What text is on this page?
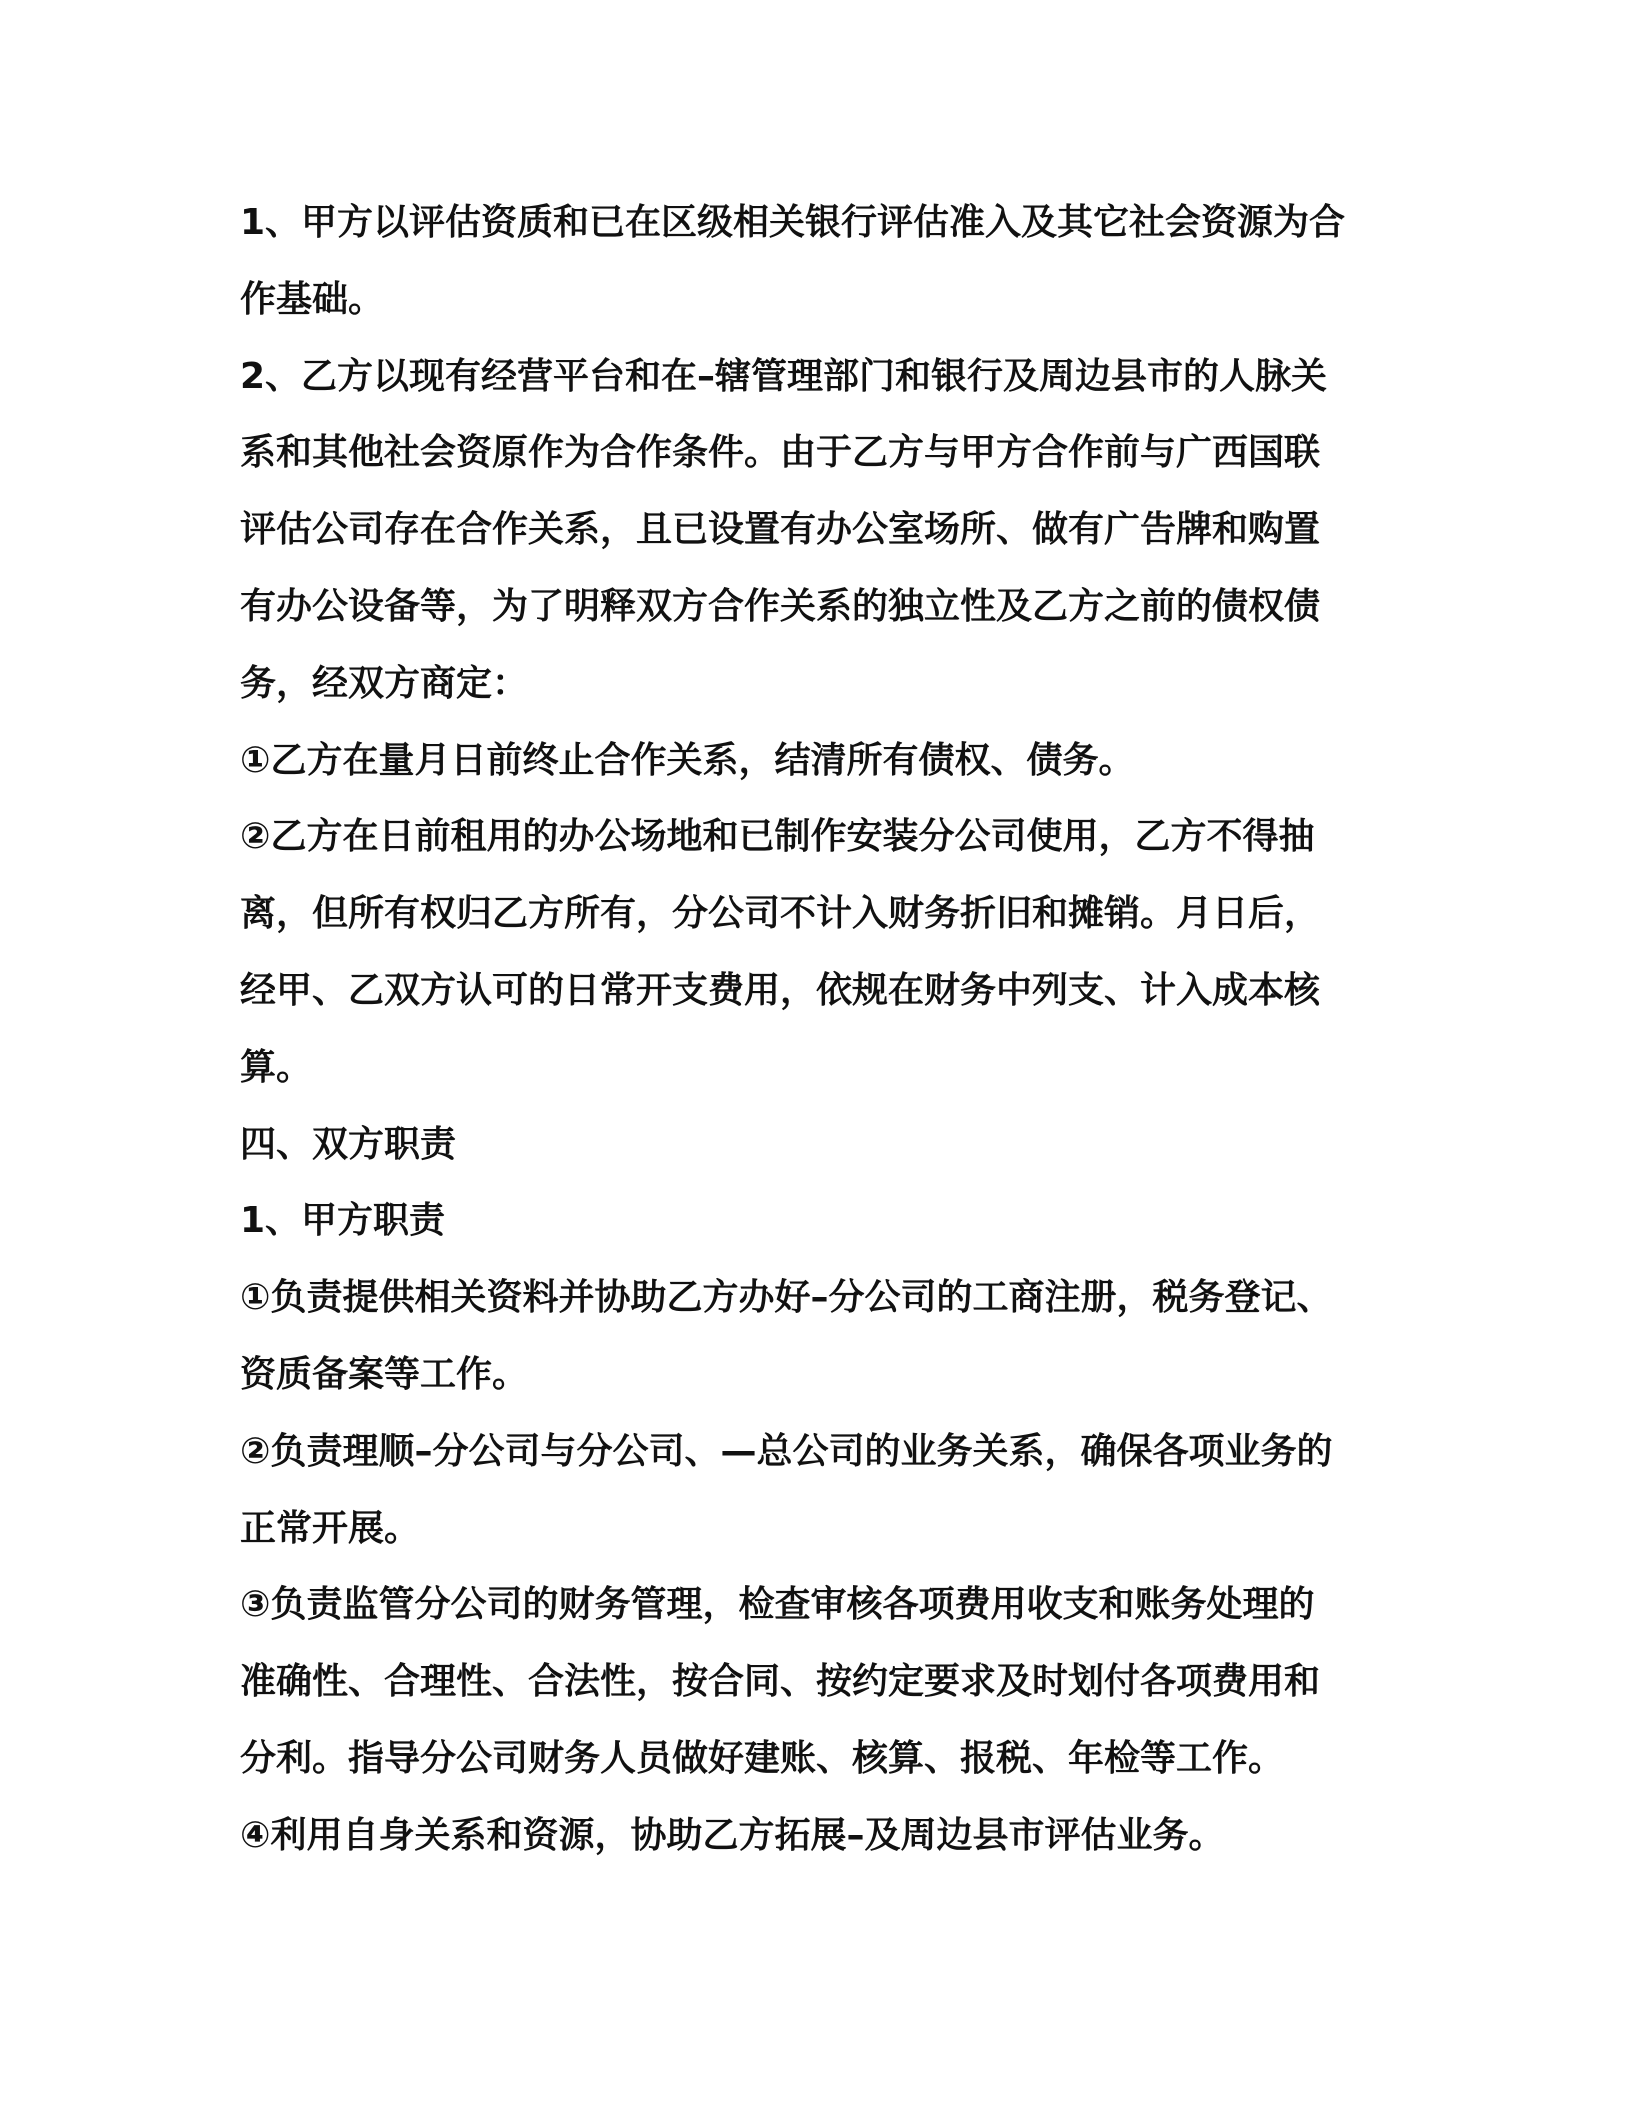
1、甲方以评估资质和已在区级相关银行评估准入及其它社会资源为合
作基础。
2、乙方以现有经营平台和在–辖管理部门和银行及周边县市的人脉关
系和其他社会资原作为合作条件。由于乙方与甲方合作前与广西国联
评估公司存在合作关系，且已设置有办公室场所、做有广告牌和购置
有办公设备等，为了明释双方合作关系的独立性及乙方之前的债权债
务，经双方商定：
①乙方在量月日前终止合作关系，结清所有债权、债务。
②乙方在日前租用的办公场地和已制作安装分公司使用，乙方不得抽
离，但所有权归乙方所有，分公司不计入财务折旧和摊销。月日后，
经甲、乙双方认可的日常开支费用，依规在财务中列支、计入成本核
算。
四、双方职责
1、甲方职责
①负责提供相关资料并协助乙方办好–分公司的工商注册，税务登记、
资质备案等工作。
②负责理顺–分公司与分公司、—总公司的业务关系，确保各项业务的
正常开展。
③负责监管分公司的财务管理，检查审核各项费用收支和账务处理的
准确性、合理性、合法性，按合同、按约定要求及时划付各项费用和
分利。指导分公司财务人员做好建账、核算、报税、年检等工作。
④利用自身关系和资源，协助乙方拓展–及周边县市评估业务。
